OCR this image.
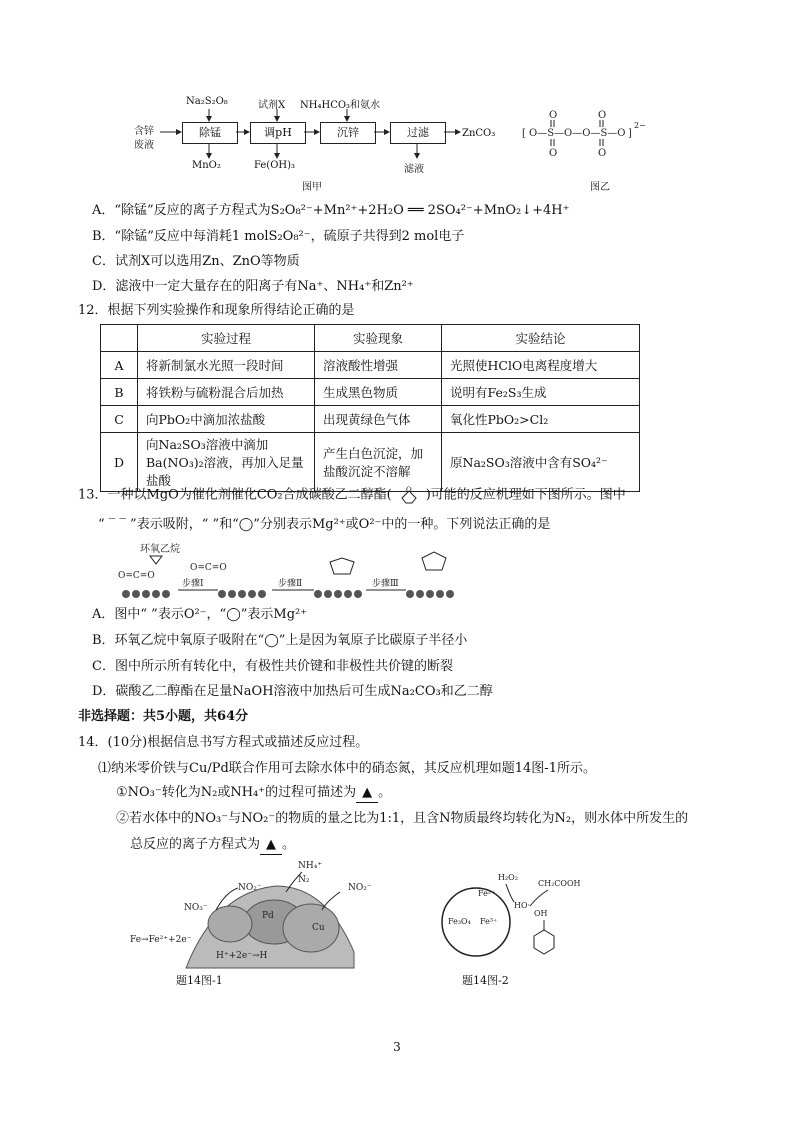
含锌
废液
Na₂S₂O₈	试剂X NH₄HCO₃和氨水
除锰	调pH	沉锌	过滤	ZnCO₃
MnO₂	Fe(OH)₃	滤液
图甲	图乙
[ O—S—O—O—S—O ]
2−
O	O
O	O
A．“除锰”反应的离子方程式为S₂O₈²⁻+Mn²⁺+2H₂O ══ 2SO₄²⁻+MnO₂↓+4H⁺
B．“除锰”反应中每消耗1 molS₂O₈²⁻，硫原子共得到2 mol电子
C．试剂X可以选用Zn、ZnO等物质
D．滤液中一定大量存在的阳离子有Na⁺、NH₄⁺和Zn²⁺
12．根据下列实验操作和现象所得结论正确的是
	实验过程	实验现象	实验结论
A	将新制氯水光照一段时间	溶液酸性增强	光照使HClO电离程度增大
B	将铁粉与硫粉混合后加热	生成黑色物质	说明有Fe₂S₃生成
C	向PbO₂中滴加浓盐酸	出现黄绿色气体	氧化性PbO₂>Cl₂
D	向Na₂SO₃溶液中滴加Ba(NO₃)₂溶液，再加入足量盐酸	产生白色沉淀，加盐酸沉淀不溶解	原Na₂SO₃溶液中含有SO₄²⁻
13．一种以MgO为催化剂催化CO₂合成碳酸乙二醇酯( O )可能的反应机理如下图所示。图中
“ ‾ ‾ ”表示吸附，“ ”和“◯”分别表示Mg²⁺或O²⁻中的一种。下列说法正确的是
环氧乙烷
O=C=O
O=C=O
步骤Ⅰ	步骤Ⅱ	步骤Ⅲ
A．图中“ ”表示O²⁻，“◯”表示Mg²⁺
B．环氧乙烷中氧原子吸附在“◯”上是因为氧原子比碳原子半径小
C．图中所示所有转化中，有极性共价键和非极性共价键的断裂
D．碳酸乙二醇酯在足量NaOH溶液中加热后可生成Na₂CO₃和乙二醇
非选择题：共5小题，共64分
14．(10分)根据信息书写方程式或描述反应过程。
⑴纳米零价铁与Cu/Pd联合作用可去除水体中的硝态氮，其反应机理如题14图-1所示。
①NO₃⁻转化为N₂或NH₄⁺的过程可描述为 ▲ 。
②若水体中的NO₃⁻与NO₂⁻的物质的量之比为1:1，且含N物质最终均转化为N₂，则水体中所发生的
总反应的离子方程式为 ▲ 。
Pd
Cu
Fe→Fe²⁺+2e⁻
H⁺+2e⁻→H
NO₃⁻
NO₂⁻	NO₂⁻
NH₄⁺
N₂
题14图-1
Fe²⁺
Fe³⁺
Fe₃O₄
H₂O₂
HO·
CH₂COOH
OH
题14图-2
3
